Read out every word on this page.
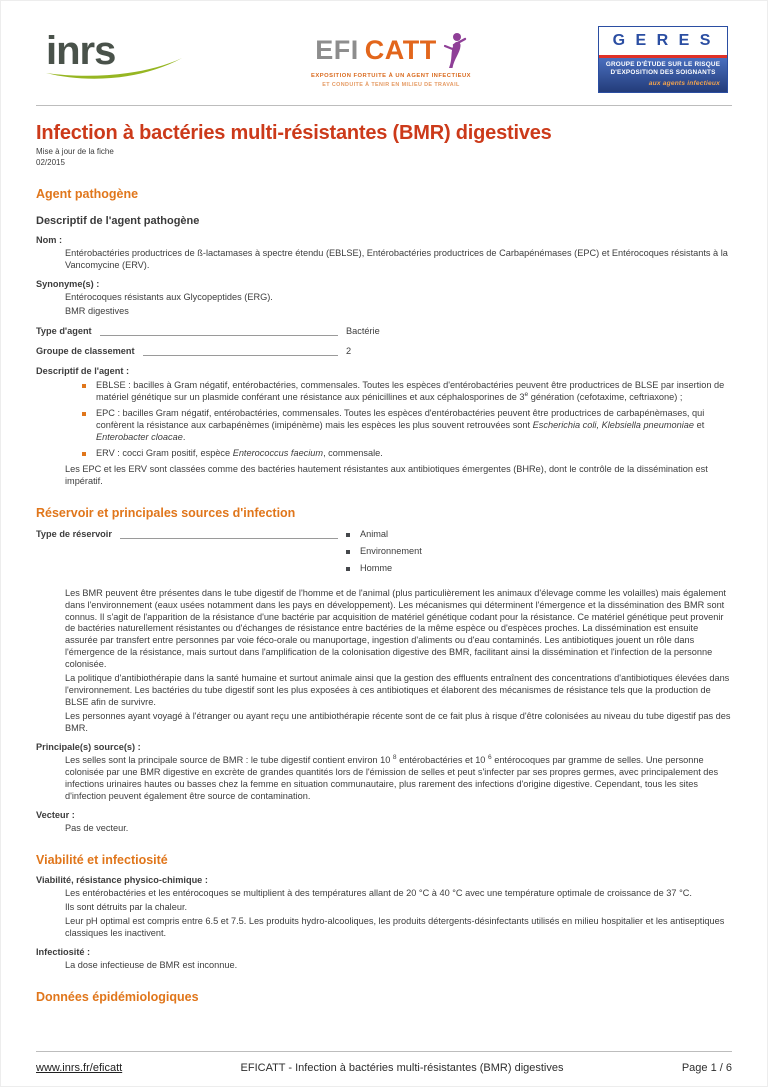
inrs	EFI CATT
EXPOSITION FORTUITE À UN AGENT INFECTIEUX
ET CONDUITE À TENIR EN MILIEU DE TRAVAIL
G E R E S
GROUPE D'ÉTUDE SUR LE RISQUE D'EXPOSITION DES SOIGNANTS
aux agents infectieux
Infection à bactéries multi-résistantes (BMR) digestives
Mise à jour de la fiche
02/2015
Agent pathogène
Descriptif de l'agent pathogène
Nom :
Entérobactéries productrices de ß-lactamases à spectre étendu (EBLSE), Entérobactéries productrices de Carbapénémases (EPC) et Entérocoques résistants à la Vancomycine (ERV).
Synonyme(s) :
Entérocoques résistants aux Glycopeptides (ERG).
BMR digestives
Type d'agent	Bactérie
Groupe de classement	2
Descriptif de l'agent :
EBLSE : bacilles à Gram négatif, entérobactéries, commensales. Toutes les espèces d'entérobactéries peuvent être productrices de BLSE par insertion de matériel génétique sur un plasmide conférant une résistance aux pénicillines et aux céphalosporines de 3e génération (cefotaxime, ceftriaxone) ;
EPC : bacilles Gram négatif, entérobactéries, commensales. Toutes les espèces d'entérobactéries peuvent être productrices de carbapénèmases, qui confèrent la résistance aux carbapénèmes (imipénème) mais les espèces les plus souvent retrouvées sont Escherichia coli, Klebsiella pneumoniae et Enterobacter cloacae.
ERV : cocci Gram positif, espèce Enterococcus faecium, commensale.
Les EPC et les ERV sont classées comme des bactéries hautement résistantes aux antibiotiques émergentes (BHRe), dont le contrôle de la dissémination est impératif.
Réservoir et principales sources d'infection
Type de réservoir	Animal
Environnement
Homme
Les BMR peuvent être présentes dans le tube digestif de l'homme et de l'animal (plus particulièrement les animaux d'élevage comme les volailles) mais également dans l'environnement (eaux usées notamment dans les pays en développement). Les mécanismes qui déterminent l'émergence et la dissémination des BMR sont connus. Il s'agit de l'apparition de la résistance d'une bactérie par acquisition de matériel génétique codant pour la résistance. Ce matériel génétique peut provenir de bactéries naturellement résistantes ou d'échanges de résistance entre bactéries de la même espèce ou d'espèces proches. La dissémination est ensuite assurée par transfert entre personnes par voie féco-orale ou manuportage, ingestion d'aliments ou d'eau contaminés. Les antibiotiques jouent un rôle dans l'émergence de la résistance, mais surtout dans l'amplification de la colonisation digestive des BMR, facilitant ainsi la dissémination et l'infection de la personne colonisée.
La politique d'antibiothérapie dans la santé humaine et surtout animale ainsi que la gestion des effluents entraînent des concentrations d'antibiotiques élevées dans l'environnement. Les bactéries du tube digestif sont les plus exposées à ces antibiotiques et élaborent des mécanismes de résistance tels que la production de BLSE afin de survivre.
Les personnes ayant voyagé à l'étranger ou ayant reçu une antibiothérapie récente sont de ce fait plus à risque d'être colonisées au niveau du tube digestif pas des BMR.
Principale(s) source(s) :
Les selles sont la principale source de BMR : le tube digestif contient environ 10 $^8$ entérobactéries et 10 $^6$ entérocoques par gramme de selles. Une personne colonisée par une BMR digestive en excrète de grandes quantités lors de l'émission de selles et peut s'infecter par ses propres germes, avec principalement des infections urinaires hautes ou basses chez la femme en situation communautaire, plus rarement des infections d'origine digestive. Cependant, tous les sites d'infection peuvent également être source de contamination.
Vecteur :
Pas de vecteur.
Viabilité et infectiosité
Viabilité, résistance physico-chimique :
Les entérobactéries et les entérocoques se multiplient à des températures allant de 20 °C à 40 °C avec une température optimale de croissance de 37 °C.
Ils sont détruits par la chaleur.
Leur pH optimal est compris entre 6.5 et 7.5. Les produits hydro-alcooliques, les produits détergents-désinfectants utilisés en milieu hospitalier et les antiseptiques classiques les inactivent.
Infectiosité :
La dose infectieuse de BMR est inconnue.
Données épidémiologiques
www.inrs.fr/eficatt	EFICATT - Infection à bactéries multi-résistantes (BMR) digestives	Page 1 / 6
